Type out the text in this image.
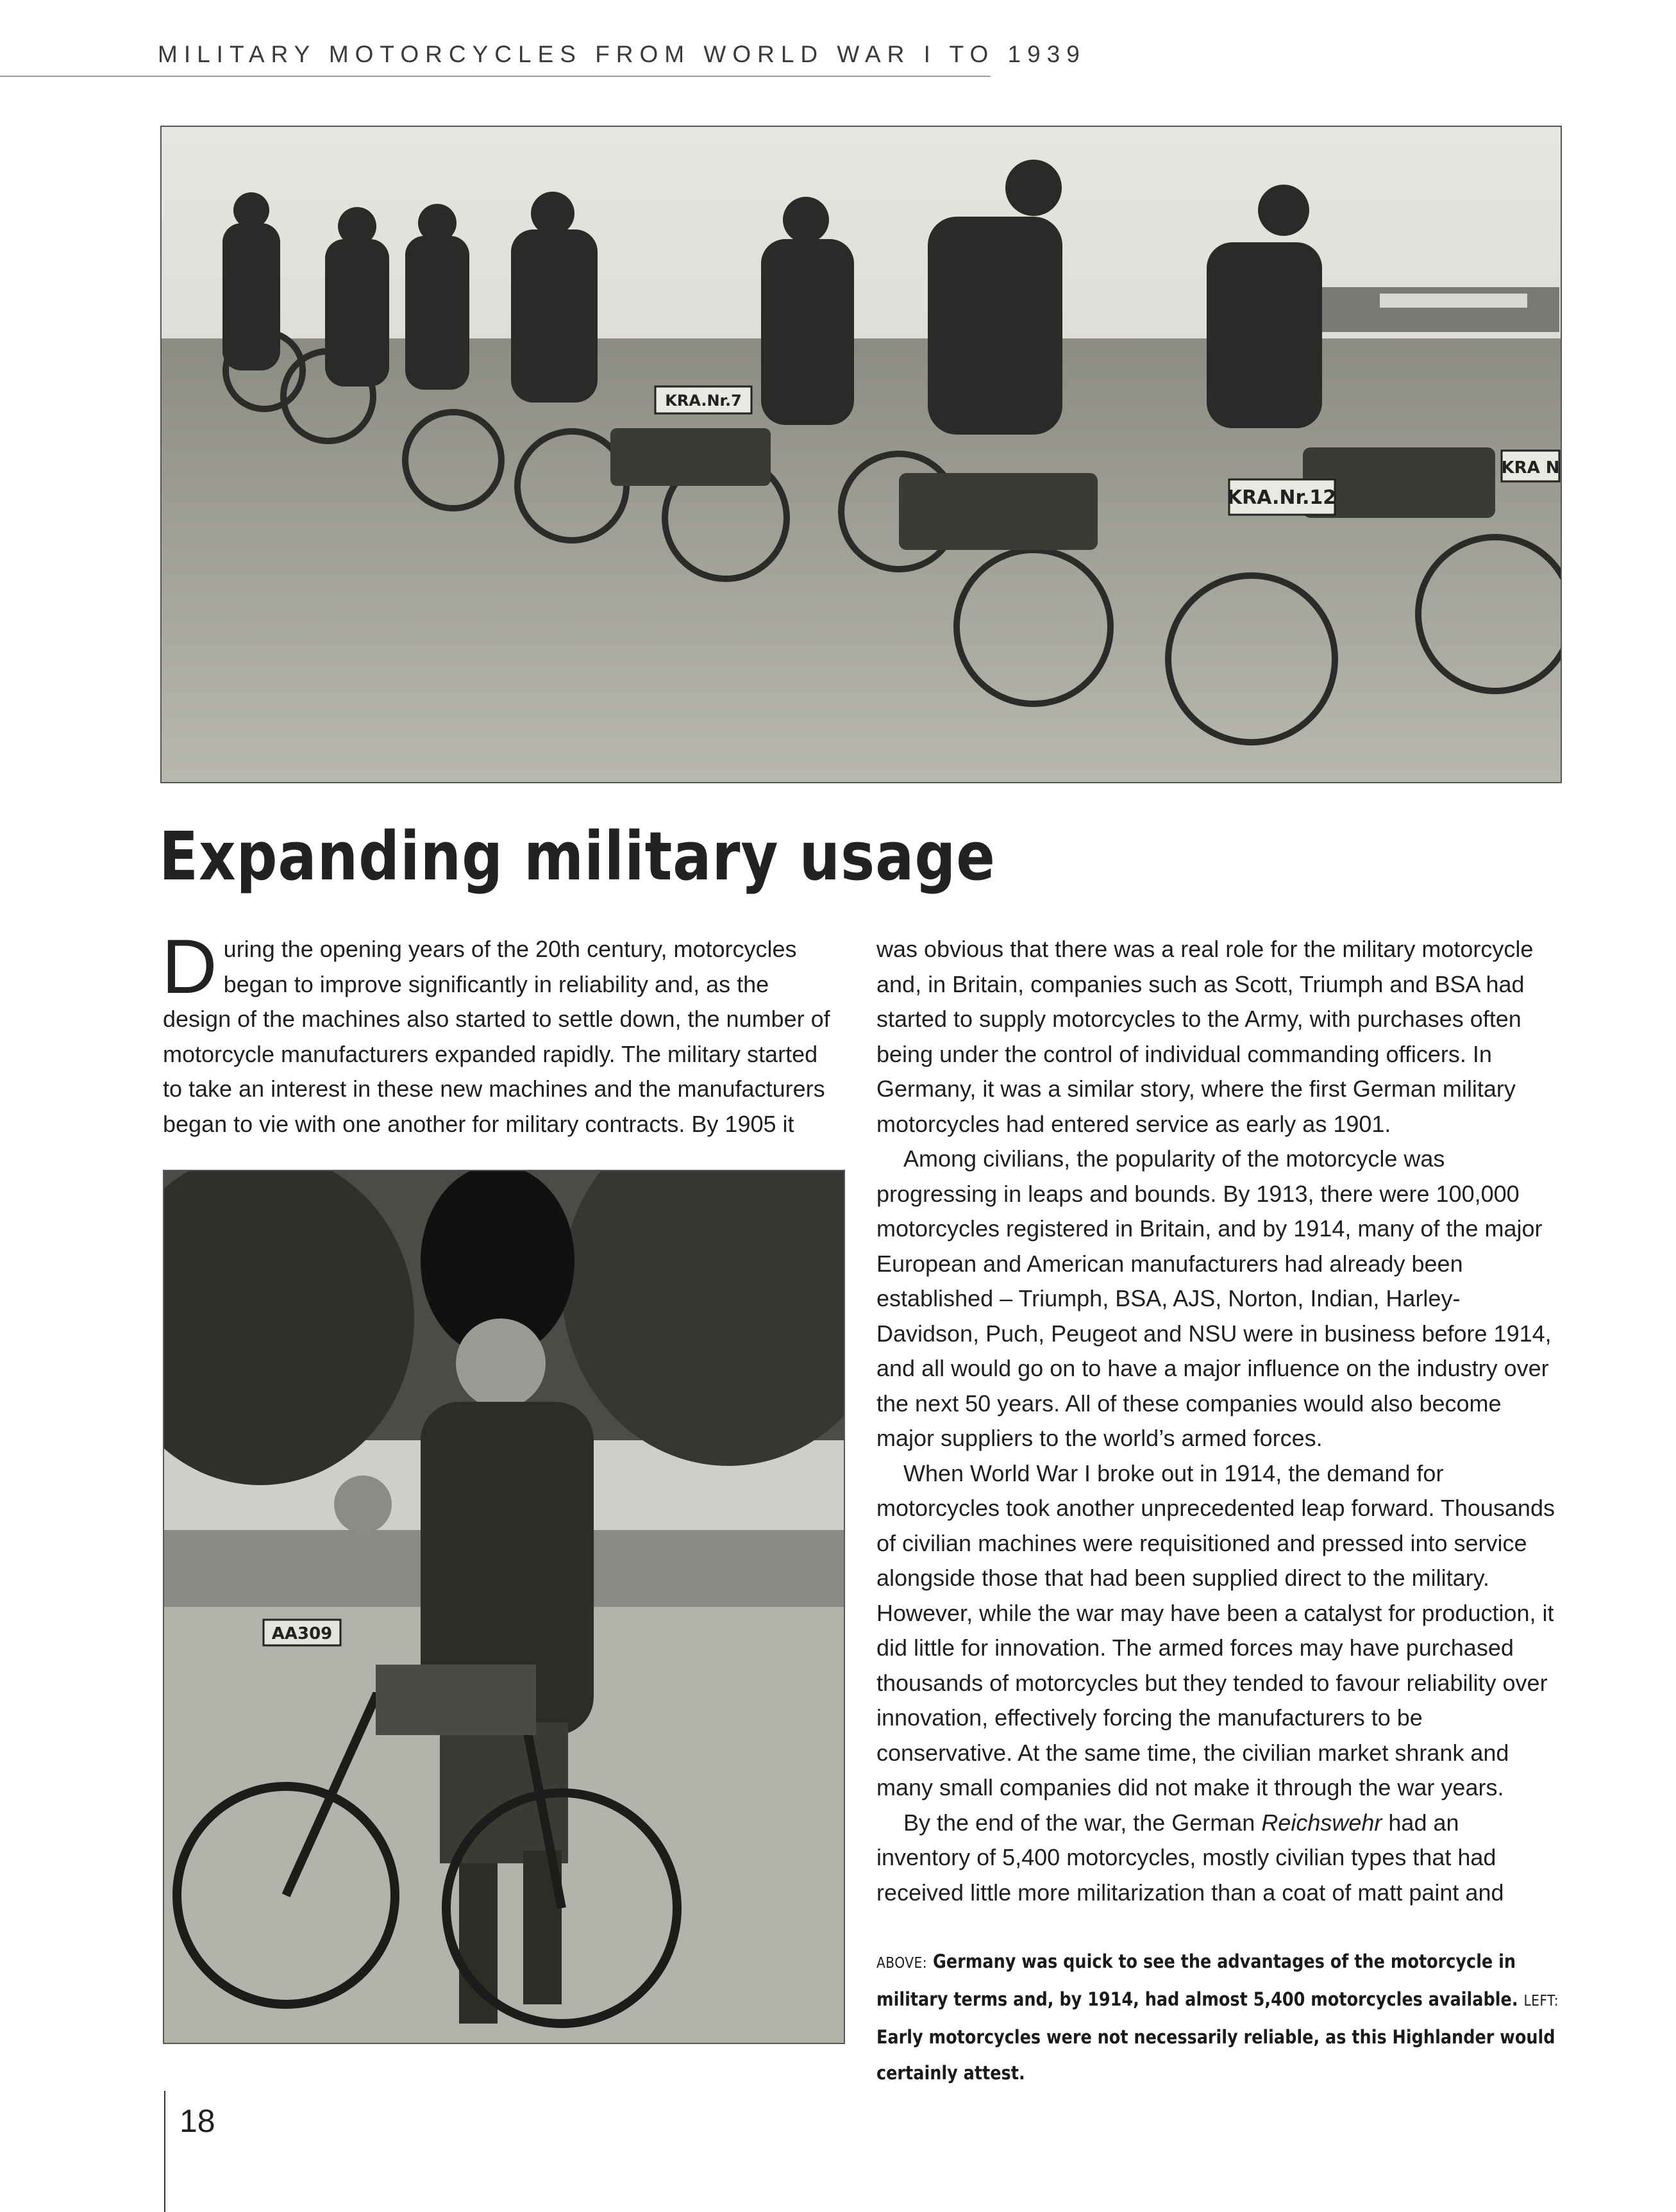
MILITARY MOTORCYCLES FROM WORLD WAR I TO 1939
KRA.Nr.7
KRA.Nr.12
KRA N
Expanding military usage
During the opening years of the 20th century, motorcycles began to improve significantly in reliability and, as the design of the machines also started to settle down, the number of motorcycle manufacturers expanded rapidly. The military started to take an interest in these new machines and the manufacturers began to vie with one another for military contracts. By 1905 it
AA309
was obvious that there was a real role for the military motorcycle and, in Britain, companies such as Scott, Triumph and BSA had started to supply motorcycles to the Army, with purchases often being under the control of individual commanding officers. In Germany, it was a similar story, where the first German military motorcycles had entered service as early as 1901.
Among civilians, the popularity of the motorcycle was progressing in leaps and bounds. By 1913, there were 100,000 motorcycles registered in Britain, and by 1914, many of the major European and American manufacturers had already been established – Triumph, BSA, AJS, Norton, Indian, Harley-Davidson, Puch, Peugeot and NSU were in business before 1914, and all would go on to have a major influence on the industry over the next 50 years. All of these companies would also become major suppliers to the world’s armed forces.
When World War I broke out in 1914, the demand for motorcycles took another unprecedented leap forward. Thousands of civilian machines were requisitioned and pressed into service alongside those that had been supplied direct to the military. However, while the war may have been a catalyst for production, it did little for innovation. The armed forces may have purchased thousands of motorcycles but they tended to favour reliability over innovation, effectively forcing the manufacturers to be conservative. At the same time, the civilian market shrank and many small companies did not make it through the war years.
By the end of the war, the German Reichswehr had an inventory of 5,400 motorcycles, mostly civilian types that had received little more militarization than a coat of matt paint and
ABOVE: Germany was quick to see the advantages of the motorcycle in military terms and, by 1914, had almost 5,400 motorcycles available. LEFT: Early motorcycles were not necessarily reliable, as this Highlander would certainly attest.
18
